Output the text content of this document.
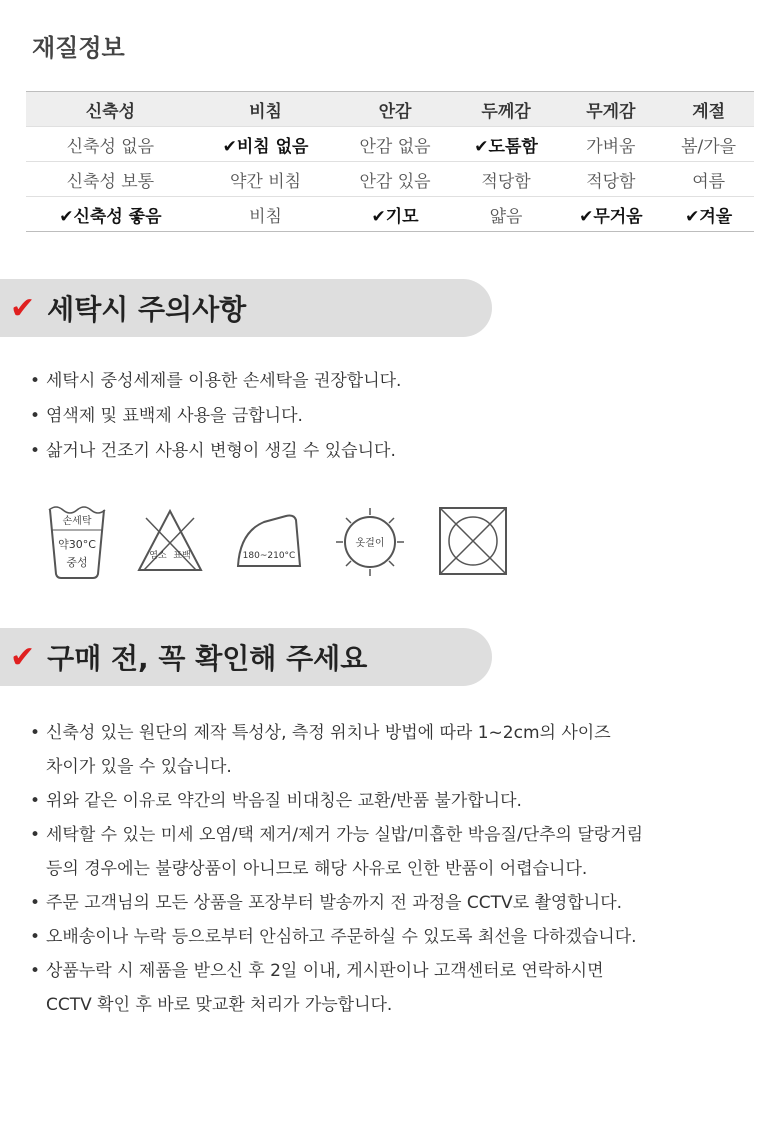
재질정보
신축성	비침	안감	두께감	무게감	계절
신축성 없음	✔ 비침 없음	안감 없음	✔ 도톰함	가벼움	봄/가을
신축성 보통	약간 비침	안감 있음	적당함	적당함	여름
✔ 신축성 좋음	비침	✔ 기모	얇음	✔ 무거움	✔ 겨울
✔ 세탁시 주의사항
• 세탁시 중성세제를 이용한 손세탁을 권장합니다.
• 염색제 및 표백제 사용을 금합니다.
• 삶거나 건조기 사용시 변형이 생길 수 있습니다.
손세탁
약30°C
중성	염소 표백	180~210°C
옷걸이
✔ 구매 전, 꼭 확인해 주세요
• 신축성 있는 원단의 제작 특성상, 측정 위치나 방법에 따라 1~2cm의 사이즈
차이가 있을 수 있습니다.
• 위와 같은 이유로 약간의 박음질 비대칭은 교환/반품 불가합니다.
• 세탁할 수 있는 미세 오염/택 제거/제거 가능 실밥/미흡한 박음질/단추의 달랑거림
등의 경우에는 불량상품이 아니므로 해당 사유로 인한 반품이 어렵습니다.
• 주문 고객님의 모든 상품을 포장부터 발송까지 전 과정을 CCTV로 촬영합니다.
• 오배송이나 누락 등으로부터 안심하고 주문하실 수 있도록 최선을 다하겠습니다.
• 상품누락 시 제품을 받으신 후 2일 이내, 게시판이나 고객센터로 연락하시면
CCTV 확인 후 바로 맞교환 처리가 가능합니다.
